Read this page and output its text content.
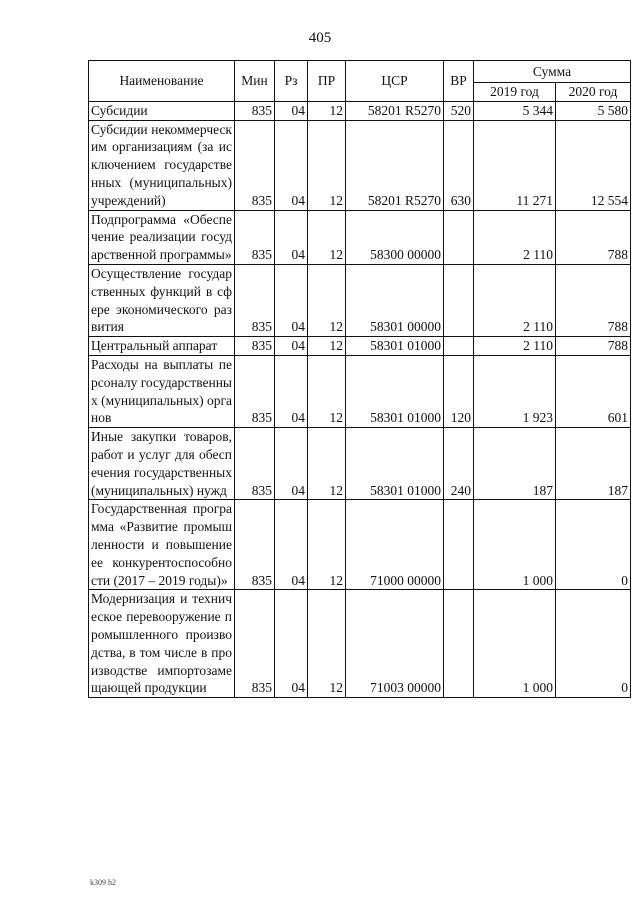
405
Наименование	Мин	Рз	ПР	ЦСР	ВР	Сумма	
						2019 год	2020 год
Субсидии	835	04	12	58201 R5270	520	5 344	5 580
Субсидии некоммерческим организациям (за исключением государственных (муниципальных) учреждений)	835	04	12	58201 R5270	630	11 271	12 554
Подпрограмма «Обеспечение реализации государственной программы»	835	04	12	58300 00000		2 110	788
Осуществление государственных функций в сфере экономического развития	835	04	12	58301 00000		2 110	788
Центральный аппарат	835	04	12	58301 01000		2 110	788
Расходы на выплаты персоналу государственных (муниципальных) органов	835	04	12	58301 01000	120	1 923	601
Иные закупки товаров, работ и услуг для обеспечения государственных (муниципальных) нужд	835	04	12	58301 01000	240	187	187
Государственная программа «Развитие промышленности и повышение ее конкурентоспособности (2017 – 2019 годы)»	835	04	12	71000 00000		1 000	0
Модернизация и техническое перевооружение промышленного производства, в том числе в производстве импортозамещающей продукции	835	04	12	71003 00000		1 000	0
k309 h2
